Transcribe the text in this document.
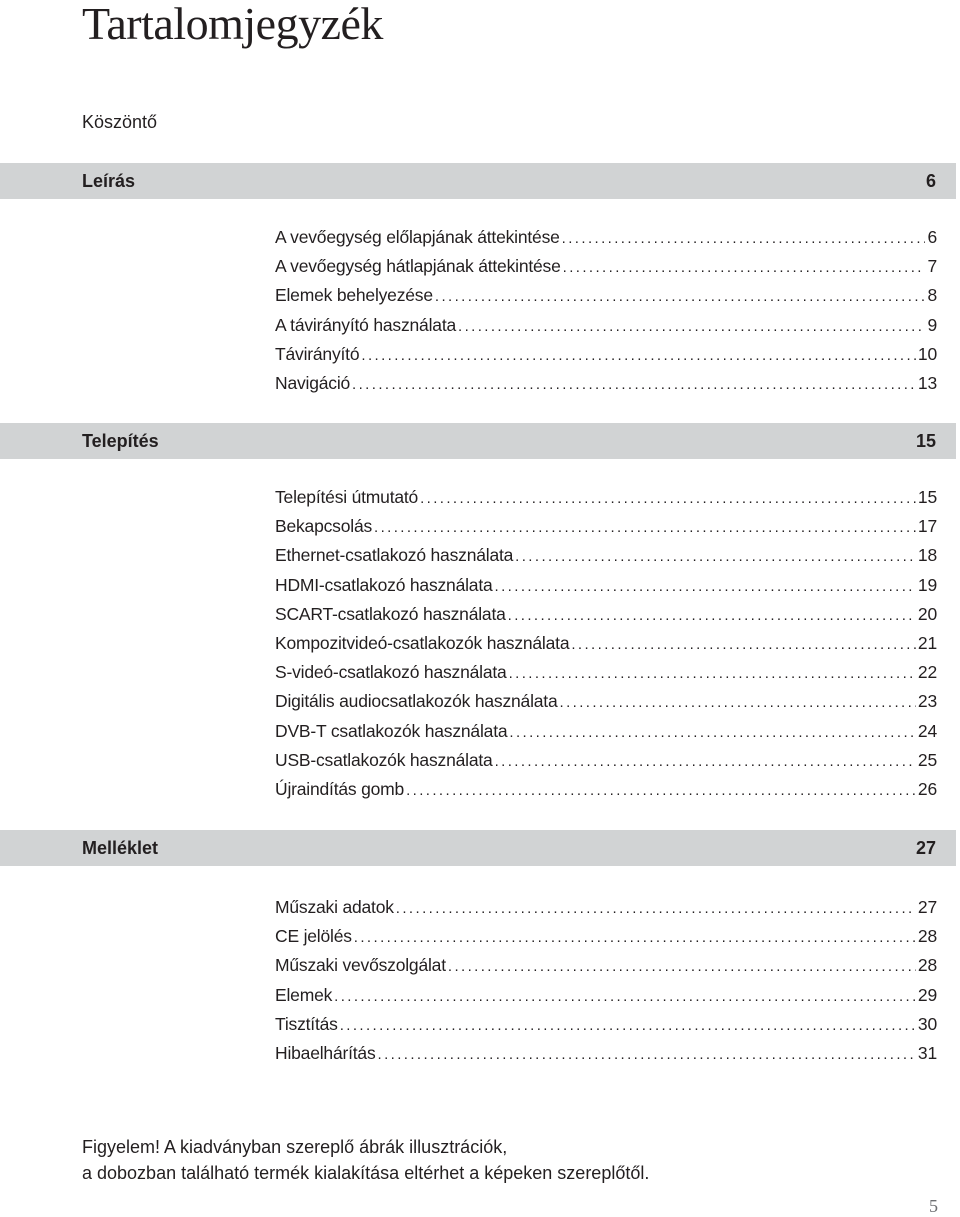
Tartalomjegyzék
Köszöntő
Leírás	6
A vevőegység előlapjának áttekintése .....	6
A vevőegység hátlapjának áttekintése .....	7
Elemek behelyezése .....	8
A távirányító használata .....	9
Távirányító .....	10
Navigáció .....	13
Telepítés	15
Telepítési útmutató .....	15
Bekapcsolás .....	17
Ethernet-csatlakozó használata .....	18
HDMI-csatlakozó használata .....	19
SCART-csatlakozó használata .....	20
Kompozitvideó-csatlakozók használata .....	21
S-videó-csatlakozó használata .....	22
Digitális audiocsatlakozók használata .....	23
DVB-T csatlakozók használata .....	24
USB-csatlakozók használata .....	25
Újraindítás gomb .....	26
Melléklet	27
Műszaki adatok .....	27
CE jelölés .....	28
Műszaki vevőszolgálat .....	28
Elemek .....	29
Tisztítás .....	30
Hibaelhárítás .....	31
Figyelem! A kiadványban szereplő ábrák illusztrációk,
a dobozban található termék kialakítása eltérhet a képeken szereplőtől.
5
